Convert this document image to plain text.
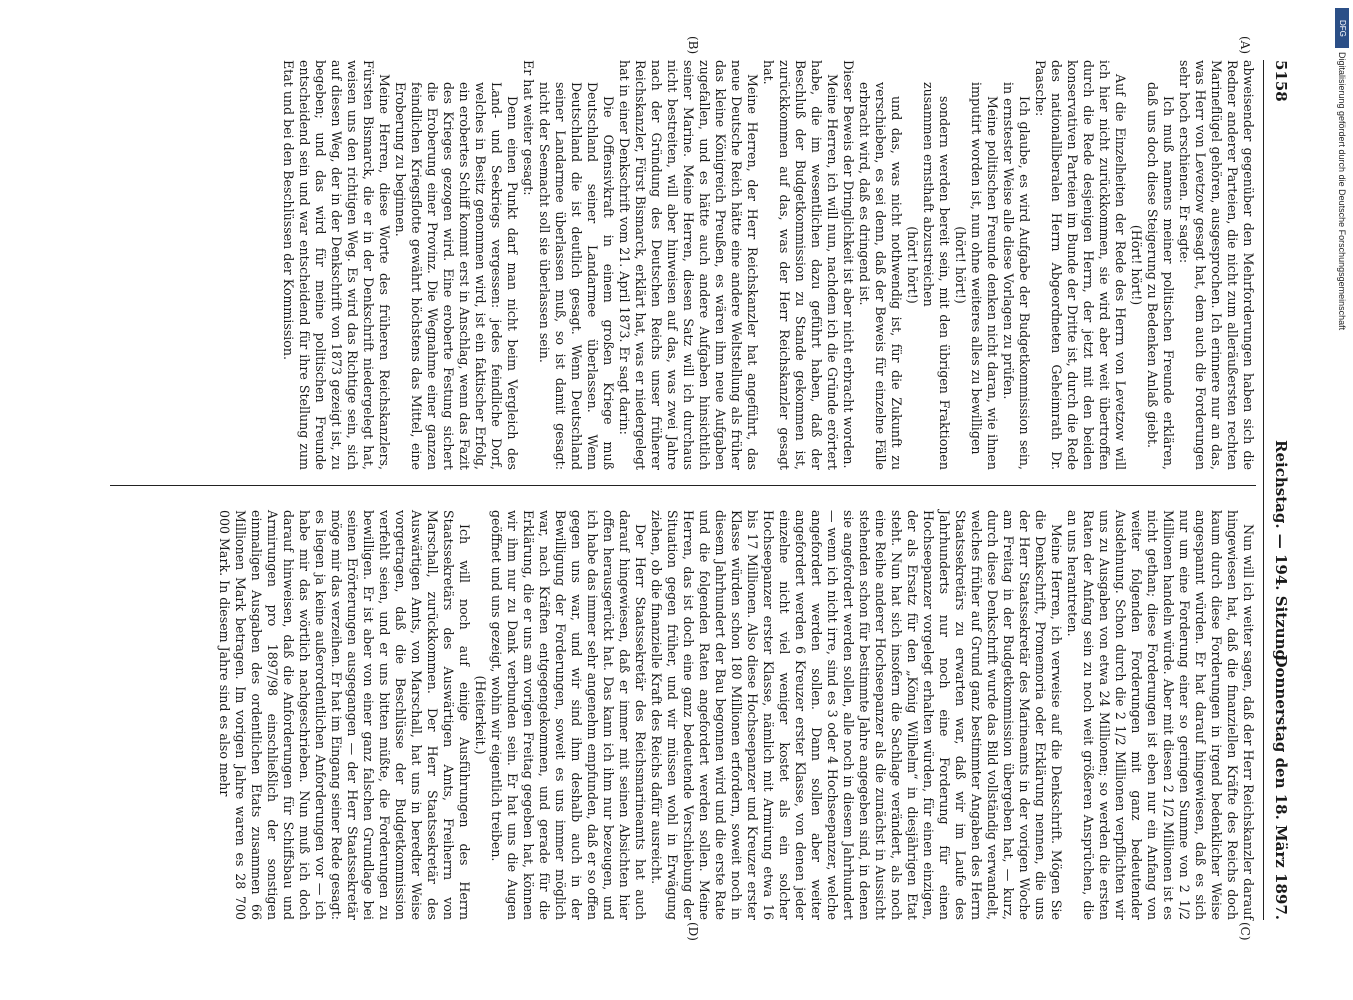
5158
Reichstag. — 194. Sitzung.
Donnerstag den 18. März 1897.
(A)
(B)
(C)
(D)

abweisender gegenüber den Mehrforderungen haben sich die Redner anderer Parteien, die nicht zum alleräußersten rechten Marineflügel gehören, ausgesprochen. Ich erinnere nur an das, was Herr von Levetzow gesagt hat, dem auch die Forderungen sehr hoch erschienen. Er sagte:

Ich muß namens meiner politischen Freunde erklären, daß uns doch diese Steigerung zu Bedenken Anlaß giebt.

(Hört! hört!)

Auf die Einzelheiten der Rede des Herrn von Levetzow will ich hier nicht zurückkommen, sie wird aber weit übertroffen durch die Rede desjenigen Herrn, der jetzt mit den beiden konservativen Parteien im Bunde der Dritte ist, durch die Rede des nationalliberalen Herrn Abgeordneten Geheimrath Dr. Paasche:

Ich glaube, es wird Aufgabe der Budgetkommission sein, in ernstester Weise alle diese Vorlagen zu prüfen.

Meine politischen Freunde denken nicht daran, wie ihnen imputirt worden ist, nun ohne weiteres alles zu bewilligen

(hört! hört!)

sondern werden bereit sein, mit den übrigen Fraktionen zusammen ernsthaft abzustreichen

(hört! hört!)

und das, was nicht nothwendig ist, für die Zukunft zu verschieben, es sei denn, daß der Beweis für einzelne Fälle erbracht wird, daß es dringend ist.

Dieser Beweis der Dringlichkeit ist aber nicht erbracht worden.

Meine Herren, ich will nun, nachdem ich die Gründe erörtert habe, die im wesentlichen dazu geführt haben, daß der Beschluß der Budgetkommission zu Stande gekommen ist, zurückkommen auf das, was der Herr Reichskanzler gesagt hat.

Meine Herren, der Herr Reichskanzler hat angeführt, das neue Deutsche Reich hätte eine andere Weltstellung als früher das kleine Königreich Preußen, es wären ihm neue Aufgaben zugefallen, und es hätte auch andere Aufgaben hinsichtlich seiner Marine. Meine Herren, diesen Satz will ich durchaus nicht bestreiten, will aber hinweisen auf das, was zwei Jahre nach der Gründung des Deutschen Reichs unser früherer Reichskanzler, Fürst Bismarck, erklärt hat, was er niedergelegt hat in einer Denkschrift vom 21. April 1873. Er sagt darin:

Die Offensivkraft in einem großen Kriege muß Deutschland seiner Landarmee überlassen. Wenn Deutschland die ist deutlich gesagt. Wenn Deutschland seiner Landarmee überlassen muß, so ist damit gesagt: nicht der Seemacht soll sie überlassen sein.

Er hat weiter gesagt:

Denn einen Punkt darf man nicht beim Vergleich des Land- und Seekriegs vergessen: jedes feindliche Dorf, welches in Besitz genommen wird, ist ein faktischer Erfolg, ein erobertes Schiff kommt erst in Anschlag, wenn das Fazit des Krieges gezogen wird. Eine eroberte Festung sichert die Eroberung einer Provinz. Die Wegnahme einer ganzen feindlichen Kriegsflotte gewährt höchstens das Mittel, eine Eroberung zu beginnen.

Meine Herren, diese Worte des früheren Reichskanzlers, Fürsten Bismarck, die er in der Denkschrift niedergelegt hat, weisen uns den richtigen Weg. Es wird das Richtige sein, sich auf diesen Weg, der in der Denkschrift von 1873 gezeigt ist, zu begeben; und das wird für meine politischen Freunde entscheidend sein und war entscheidend für ihre Stellung zum Etat und bei den Beschlüssen der Kommission.

Nun will ich weiter sagen, daß der Herr Reichskanzler darauf hingewiesen hat, daß die finanziellen Kräfte des Reichs doch kaum durch diese Forderungen in irgend bedenklicher Weise angespannt würden. Er hat darauf hingewiesen, daß es sich nur um eine Forderung einer so geringen Summe von 2 1/2 Millionen handeln würde. Aber mit diesen 2 1/2 Millionen ist es nicht gethan; diese Forderungen ist eben nur ein Anfang von weiter folgenden Forderungen mit ganz bedeutender Ausdehnung. Schon durch die 2 1/2 Millionen verpflichten wir uns zu Ausgaben von etwa 24 Millionen; so werden die ersten Raten der Anfang sein zu noch weit größeren Ansprüchen, die an uns herantreten.

Meine Herren, ich verweise auf die Denkschrift. Mögen Sie die Denkschrift, Promemoria oder Erklärung nennen, die uns der Herr Staatssekretär des Marineamts in der vorigen Woche am Freitag in der Budgetkommission übergeben hat, — kurz, durch diese Denkschrift wurde das Bild vollständig verwandelt, welches früher auf Grund ganz bestimmter Angaben des Herrn Staatssekretärs zu erwarten war, daß wir im Laufe des Jahrhunderts nur noch eine Forderung für einen Hochseepanzer vorgelegt erhalten würden, für einen einzigen, der als Ersatz für den „König Wilhelm“ in diesjährigen Etat steht. Nun hat sich insofern die Sachlage verändert, als noch eine Reihe anderer Hochseepanzer als die zunächst in Aussicht stehenden schon für bestimmte Jahre angegeben sind, in denen sie angefordert werden sollen, alle noch in diesem Jahrhundert — wenn ich nicht irre, sind es 3 oder 4 Hochseepanzer, welche angefordert werden sollen. Dann sollen aber weiter angefordert werden 6 Kreuzer erster Klasse, von denen jeder einzelne nicht viel weniger kostet als ein solcher Hochseepanzer erster Klasse, nämlich mit Armirung etwa 16 bis 17 Millionen. Also diese Hochseepanzer und Kreuzer erster Klasse würden schon 180 Millionen erfordern, soweit noch in diesem Jahrhundert der Bau begonnen wird und die erste Rate und die folgenden Raten angefordert werden sollen. Meine Herren, das ist doch eine ganz bedeutende Verschiebung der Situation gegen früher, und wir müssen wohl in Erwägung ziehen, ob die finanzielle Kraft des Reichs dafür ausreicht.

Der Herr Staatssekretär des Reichsmarineamts hat auch darauf hingewiesen, daß er immer mit seinen Absichten hier offen herausgerückt hat. Das kann ich ihm nur bezeugen, und ich habe das immer sehr angenehm empfunden, daß er so offen gegen uns war, und wir sind ihm deshalb auch in der Bewilligung der Forderungen, soweit es uns immer möglich war, nach Kräften entgegengekommen, und gerade für die Erklärung, die er uns am vorigen Freitag gegeben hat, können wir ihm nur zu Dank verbunden sein. Er hat uns die Augen geöffnet und uns gezeigt, wohin wir eigentlich treiben.

(Heiterkeit.)

Ich will noch auf einige Ausführungen des Herrn Staatssekretärs des Auswärtigen Amts, Freiherrn von Marschall, zurückkommen. Der Herr Staatssekretär des Auswärtigen Amts, von Marschall, hat uns in beredter Weise vorgetragen, daß die Beschlüsse der Budgetkommission verfehlt seien, und er uns bitten müßte, die Forderungen zu bewilligen. Er ist aber von einer ganz falschen Grundlage bei seinen Erörterungen ausgegangen — der Herr Staatssekretär möge mir das verzeihen. Er hat im Eingang seiner Rede gesagt: es liegen ja keine außerordentlichen Anforderungen vor — ich habe mir das wörtlich nachgeschrieben. Nun muß ich doch darauf hinweisen, daß die Anforderungen für Schiffsbau und Armirungen pro 1897/98 einschließlich der sonstigen einmaligen Ausgaben des ordentlichen Etats zusammen 66 Millionen Mark betragen. Im vorigen Jahre waren es 28 700 000 Mark. In diesem Jahre sind es also mehr

DFG
Digitalisierung gefördert durch die Deutsche Forschungsgemeinschaft
